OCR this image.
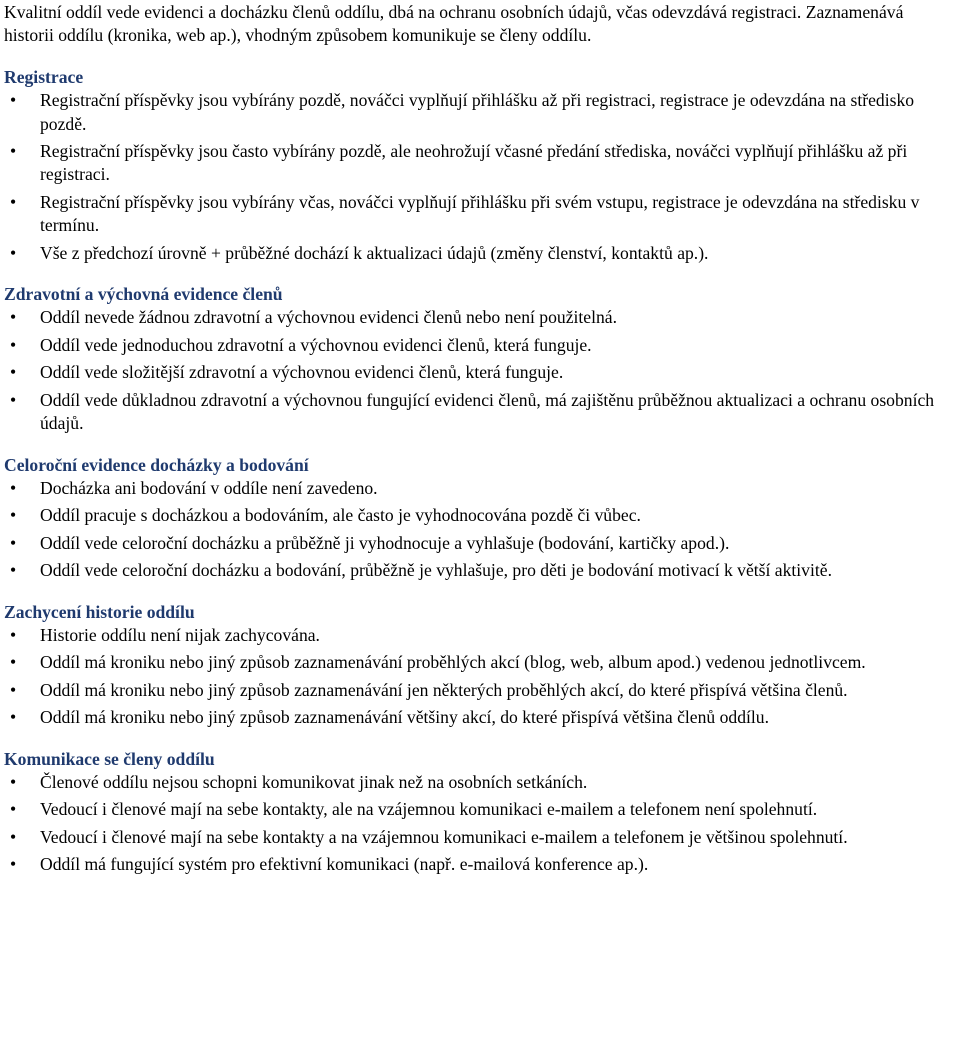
Kvalitní oddíl vede evidenci a docházku členů oddílu, dbá na ochranu osobních údajů, včas odevzdává registraci. Zaznamenává historii oddílu (kronika, web ap.), vhodným způsobem komunikuje se členy oddílu.

Registrace

• Registrační příspěvky jsou vybírány pozdě, nováčci vyplňují přihlášku až při registraci, registrace je odevzdána na středisko pozdě.
• Registrační příspěvky jsou často vybírány pozdě, ale neohrožují včasné předání střediska, nováčci vyplňují přihlášku až při registraci.
• Registrační příspěvky jsou vybírány včas, nováčci vyplňují přihlášku při svém vstupu, registrace je odevzdána na středisku v termínu.
• Vše z předchozí úrovně + průběžné dochází k aktualizaci údajů (změny členství, kontaktů ap.).

Zdravotní a výchovná evidence členů

• Oddíl nevede žádnou zdravotní a výchovnou evidenci členů nebo není použitelná.
• Oddíl vede jednoduchou zdravotní a výchovnou evidenci členů, která funguje.
• Oddíl vede složitější zdravotní a výchovnou evidenci členů, která funguje.
• Oddíl vede důkladnou zdravotní a výchovnou fungující evidenci členů, má zajištěnu průběžnou aktualizaci a ochranu osobních údajů.

Celoroční evidence docházky a bodování

• Docházka ani bodování v oddíle není zavedeno.
• Oddíl pracuje s docházkou a bodováním, ale často je vyhodnocována pozdě či vůbec.
• Oddíl vede celoroční docházku a průběžně ji vyhodnocuje a vyhlašuje (bodování, kartičky apod.).
• Oddíl vede celoroční docházku a bodování, průběžně je vyhlašuje, pro děti je bodování motivací k větší aktivitě.

Zachycení historie oddílu

• Historie oddílu není nijak zachycována.
• Oddíl má kroniku nebo jiný způsob zaznamenávání proběhlých akcí (blog, web, album apod.) vedenou jednotlivcem.
• Oddíl má kroniku nebo jiný způsob zaznamenávání jen některých proběhlých akcí, do které přispívá většina členů.
• Oddíl má kroniku nebo jiný způsob zaznamenávání většiny akcí, do které přispívá většina členů oddílu.

Komunikace se členy oddílu

• Členové oddílu nejsou schopni komunikovat jinak než na osobních setkáních.
• Vedoucí i členové mají na sebe kontakty, ale na vzájemnou komunikaci e-mailem a telefonem není spolehnutí.
• Vedoucí i členové mají na sebe kontakty a na vzájemnou komunikaci e-mailem a telefonem je většinou spolehnutí.
• Oddíl má fungující systém pro efektivní komunikaci (např. e-mailová konference ap.).
